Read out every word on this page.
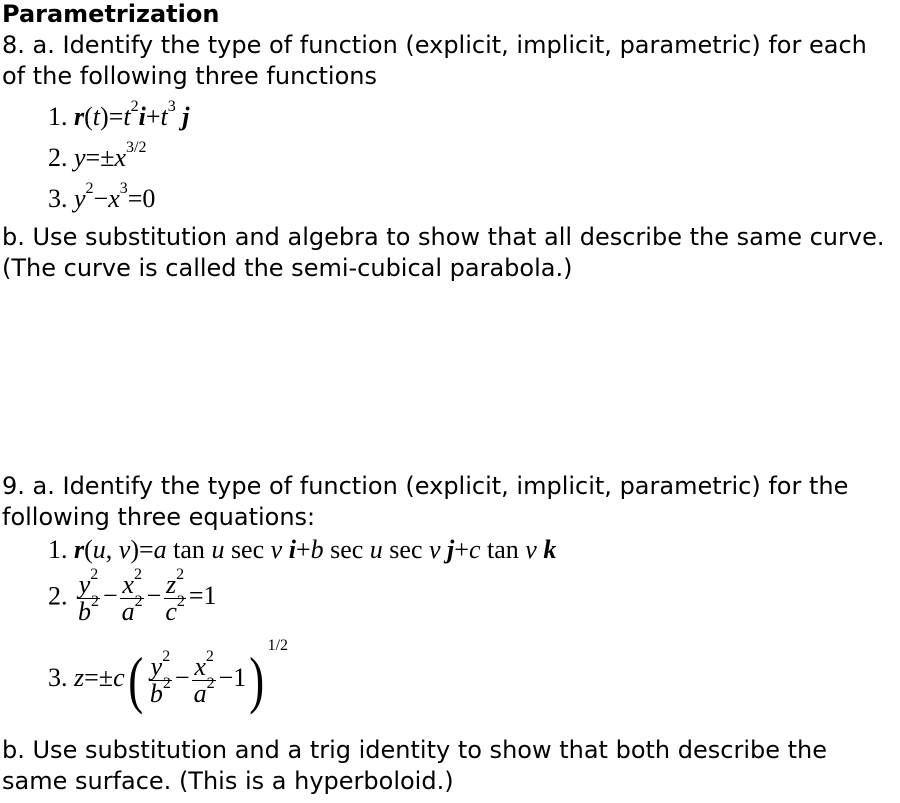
Parametrization
8. a. Identify the type of function (explicit, implicit, parametric) for each of the following three functions
1. $r(t)=t^2i+t^3$ j
2. $y=\pm x^{3/2}$
3. $y^2-x^3=0$
b. Use substitution and algebra to show that all describe the same curve. (The curve is called the semi-cubical parabola.)
9. a. Identify the type of function (explicit, implicit, parametric) for the following three equations:
1. r(u, v)=a tan u sec v i+b sec u sec v j+c tan v k
2. $\frac{y^2}{b^2} - \frac{x^2}{a^2} - \frac{z^2}{c^2} =1$
3. $z=\pm c( \frac{y^2}{b^2} - \frac{x^2}{a^2} -1)$ $^{1/2}$
b. Use substitution and a trig identity to show that both describe the same surface. (This is a hyperboloid.)
